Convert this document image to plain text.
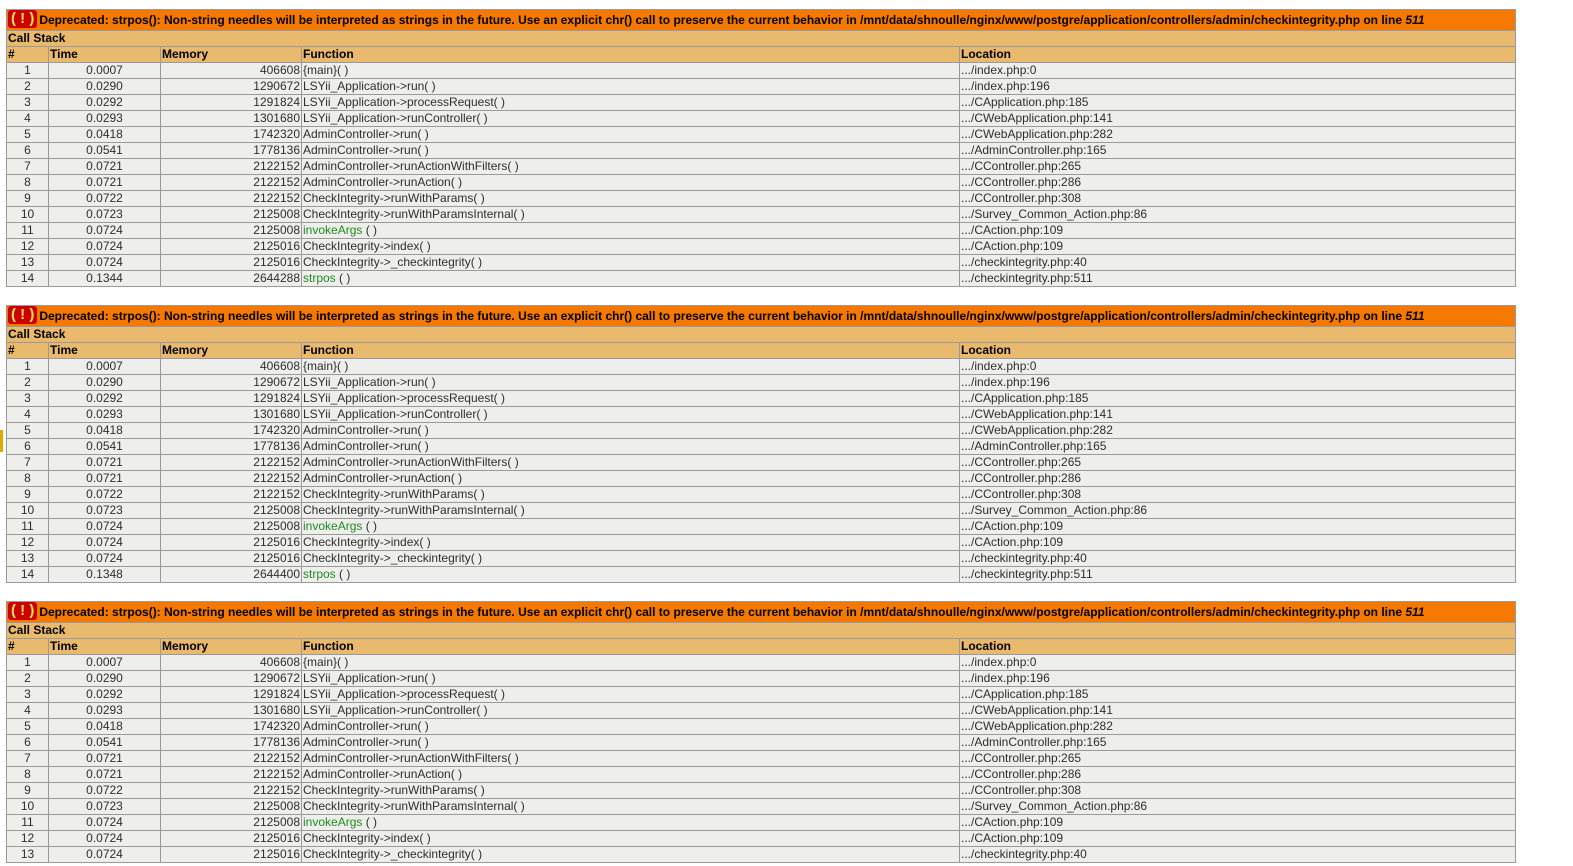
( ! ) Deprecated: strpos(): Non-string needles will be interpreted as strings in the future. Use an explicit chr() call to preserve the current behavior in /mnt/data/shnoulle/nginx/www/postgre/application/controllers/admin/checkintegrity.php on line 511				
Call Stack				
#	Time	Memory	Function	Location
1	0.0007	406608	{main}( )	.../index.php:0
2	0.0290	1290672	LSYii_Application->run( )	.../index.php:196
3	0.0292	1291824	LSYii_Application->processRequest( )	.../CApplication.php:185
4	0.0293	1301680	LSYii_Application->runController( )	.../CWebApplication.php:141
5	0.0418	1742320	AdminController->run( )	.../CWebApplication.php:282
6	0.0541	1778136	AdminController->run( )	.../AdminController.php:165
7	0.0721	2122152	AdminController->runActionWithFilters( )	.../CController.php:265
8	0.0721	2122152	AdminController->runAction( )	.../CController.php:286
9	0.0722	2122152	CheckIntegrity->runWithParams( )	.../CController.php:308
10	0.0723	2125008	CheckIntegrity->runWithParamsInternal( )	.../Survey_Common_Action.php:86
11	0.0724	2125008	invokeArgs ( )	.../CAction.php:109
12	0.0724	2125016	CheckIntegrity->index( )	.../CAction.php:109
13	0.0724	2125016	CheckIntegrity->_checkintegrity( )	.../checkintegrity.php:40
14	0.1344	2644288	strpos ( )	.../checkintegrity.php:511
( ! ) Deprecated: strpos(): Non-string needles will be interpreted as strings in the future. Use an explicit chr() call to preserve the current behavior in /mnt/data/shnoulle/nginx/www/postgre/application/controllers/admin/checkintegrity.php on line 511				
Call Stack				
#	Time	Memory	Function	Location
1	0.0007	406608	{main}( )	.../index.php:0
2	0.0290	1290672	LSYii_Application->run( )	.../index.php:196
3	0.0292	1291824	LSYii_Application->processRequest( )	.../CApplication.php:185
4	0.0293	1301680	LSYii_Application->runController( )	.../CWebApplication.php:141
5	0.0418	1742320	AdminController->run( )	.../CWebApplication.php:282
6	0.0541	1778136	AdminController->run( )	.../AdminController.php:165
7	0.0721	2122152	AdminController->runActionWithFilters( )	.../CController.php:265
8	0.0721	2122152	AdminController->runAction( )	.../CController.php:286
9	0.0722	2122152	CheckIntegrity->runWithParams( )	.../CController.php:308
10	0.0723	2125008	CheckIntegrity->runWithParamsInternal( )	.../Survey_Common_Action.php:86
11	0.0724	2125008	invokeArgs ( )	.../CAction.php:109
12	0.0724	2125016	CheckIntegrity->index( )	.../CAction.php:109
13	0.0724	2125016	CheckIntegrity->_checkintegrity( )	.../checkintegrity.php:40
14	0.1348	2644400	strpos ( )	.../checkintegrity.php:511
( ! ) Deprecated: strpos(): Non-string needles will be interpreted as strings in the future. Use an explicit chr() call to preserve the current behavior in /mnt/data/shnoulle/nginx/www/postgre/application/controllers/admin/checkintegrity.php on line 511				
Call Stack				
#	Time	Memory	Function	Location
1	0.0007	406608	{main}( )	.../index.php:0
2	0.0290	1290672	LSYii_Application->run( )	.../index.php:196
3	0.0292	1291824	LSYii_Application->processRequest( )	.../CApplication.php:185
4	0.0293	1301680	LSYii_Application->runController( )	.../CWebApplication.php:141
5	0.0418	1742320	AdminController->run( )	.../CWebApplication.php:282
6	0.0541	1778136	AdminController->run( )	.../AdminController.php:165
7	0.0721	2122152	AdminController->runActionWithFilters( )	.../CController.php:265
8	0.0721	2122152	AdminController->runAction( )	.../CController.php:286
9	0.0722	2122152	CheckIntegrity->runWithParams( )	.../CController.php:308
10	0.0723	2125008	CheckIntegrity->runWithParamsInternal( )	.../Survey_Common_Action.php:86
11	0.0724	2125008	invokeArgs ( )	.../CAction.php:109
12	0.0724	2125016	CheckIntegrity->index( )	.../CAction.php:109
13	0.0724	2125016	CheckIntegrity->_checkintegrity( )	.../checkintegrity.php:40
